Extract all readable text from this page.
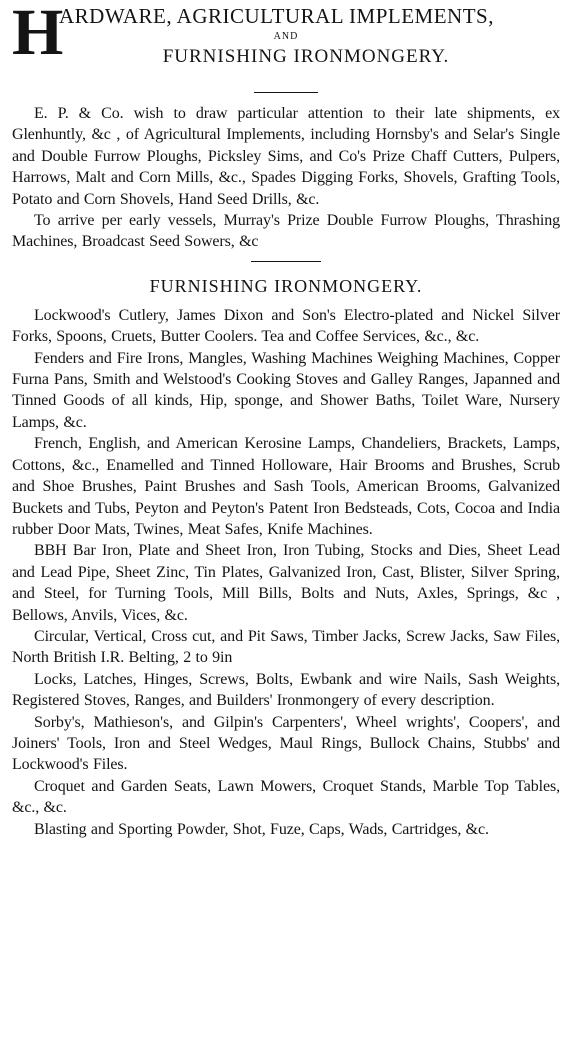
H
ARDWARE, AGRICULTURAL IMPLEMENTS,
AND
FURNISHING IRONMONGERY.

E. P. & Co. wish to draw particular attention to their late shipments, ex Glenhuntly, &c , of Agricultural Implements, including Hornsby's and Selar's Single and Double Furrow Ploughs, Picksley Sims, and Co's Prize Chaff Cutters, Pulpers, Harrows, Malt and Corn Mills, &c., Spades Digging Forks, Shovels, Grafting Tools, Potato and Corn Shovels, Hand Seed Drills, &c.

To arrive per early vessels, Murray's Prize Double Furrow Ploughs, Thrashing Machines, Broadcast Seed Sowers, &c

FURNISHING IRONMONGERY.

Lockwood's Cutlery, James Dixon and Son's Electro-plated and Nickel Silver Forks, Spoons, Cruets, Butter Coolers. Tea and Coffee Services, &c., &c.

Fenders and Fire Irons, Mangles, Washing Machines Weighing Machines, Copper Furna Pans, Smith and Welstood's Cooking Stoves and Galley Ranges, Japanned and Tinned Goods of all kinds, Hip, sponge, and Shower Baths, Toilet Ware, Nursery Lamps, &c.

French, English, and American Kerosine Lamps, Chandeliers, Brackets, Lamps, Cottons, &c., Enamelled and Tinned Holloware, Hair Brooms and Brushes, Scrub and Shoe Brushes, Paint Brushes and Sash Tools, American Brooms, Galvanized Buckets and Tubs, Peyton and Peyton's Patent Iron Bedsteads, Cots, Cocoa and India rubber Door Mats, Twines, Meat Safes, Knife Machines.

BBH Bar Iron, Plate and Sheet Iron, Iron Tubing, Stocks and Dies, Sheet Lead and Lead Pipe, Sheet Zinc, Tin Plates, Galvanized Iron, Cast, Blister, Silver Spring, and Steel, for Turning Tools, Mill Bills, Bolts and Nuts, Axles, Springs, &c , Bellows, Anvils, Vices, &c.

Circular, Vertical, Cross cut, and Pit Saws, Timber Jacks, Screw Jacks, Saw Files, North British I.R. Belting, 2 to 9in

Locks, Latches, Hinges, Screws, Bolts, Ewbank and wire Nails, Sash Weights, Registered Stoves, Ranges, and Builders' Ironmongery of every description.

Sorby's, Mathieson's, and Gilpin's Carpenters', Wheel wrights', Coopers', and Joiners' Tools, Iron and Steel Wedges, Maul Rings, Bullock Chains, Stubbs' and Lockwood's Files.

Croquet and Garden Seats, Lawn Mowers, Croquet Stands, Marble Top Tables, &c., &c.

Blasting and Sporting Powder, Shot, Fuze, Caps, Wads, Cartridges, &c.
